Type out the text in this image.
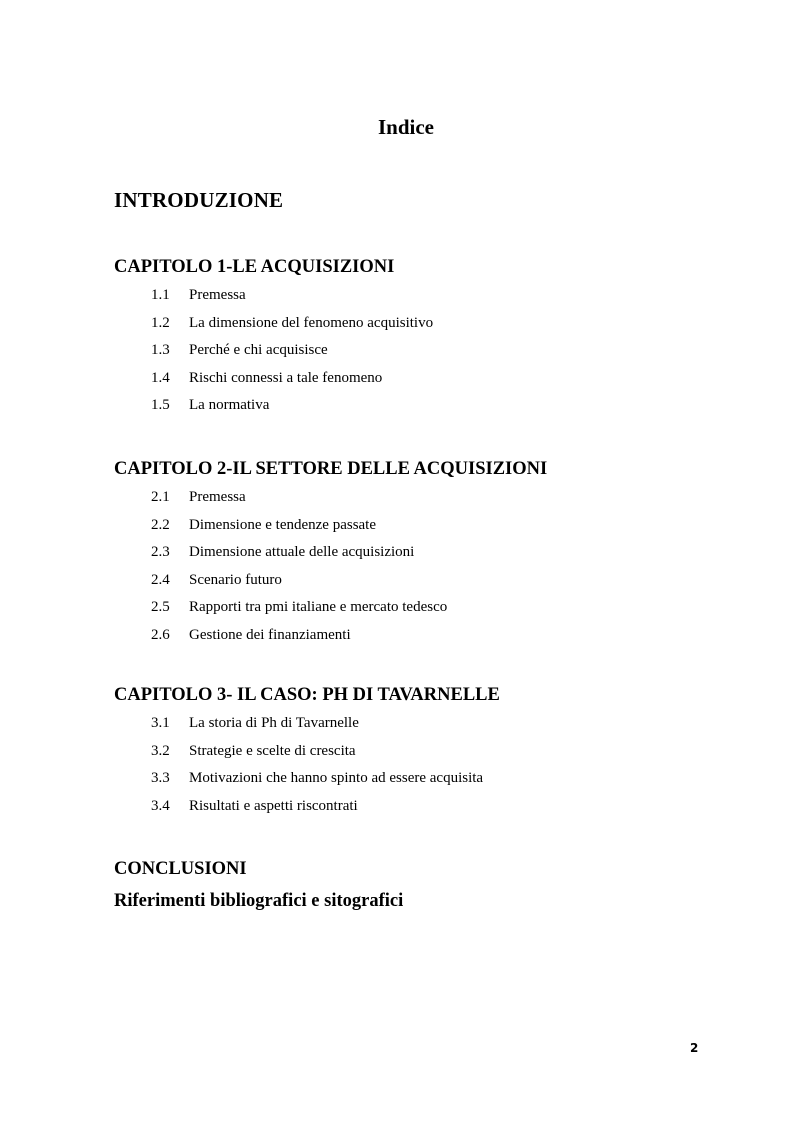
Indice
INTRODUZIONE
CAPITOLO 1-LE ACQUISIZIONI
1.1	Premessa
1.2	La dimensione del fenomeno acquisitivo
1.3	Perché e chi acquisisce
1.4	Rischi connessi a tale fenomeno
1.5	La normativa
CAPITOLO 2-IL SETTORE DELLE ACQUISIZIONI
2.1	Premessa
2.2	Dimensione e tendenze passate
2.3	Dimensione attuale delle acquisizioni
2.4	Scenario futuro
2.5	Rapporti tra pmi italiane e mercato tedesco
2.6	Gestione dei finanziamenti
CAPITOLO 3- IL CASO: PH DI TAVARNELLE
3.1	La storia di Ph di Tavarnelle
3.2	Strategie e scelte di crescita
3.3	Motivazioni che hanno spinto ad essere acquisita
3.4	Risultati e aspetti riscontrati
CONCLUSIONI
Riferimenti bibliografici e sitografici
2
